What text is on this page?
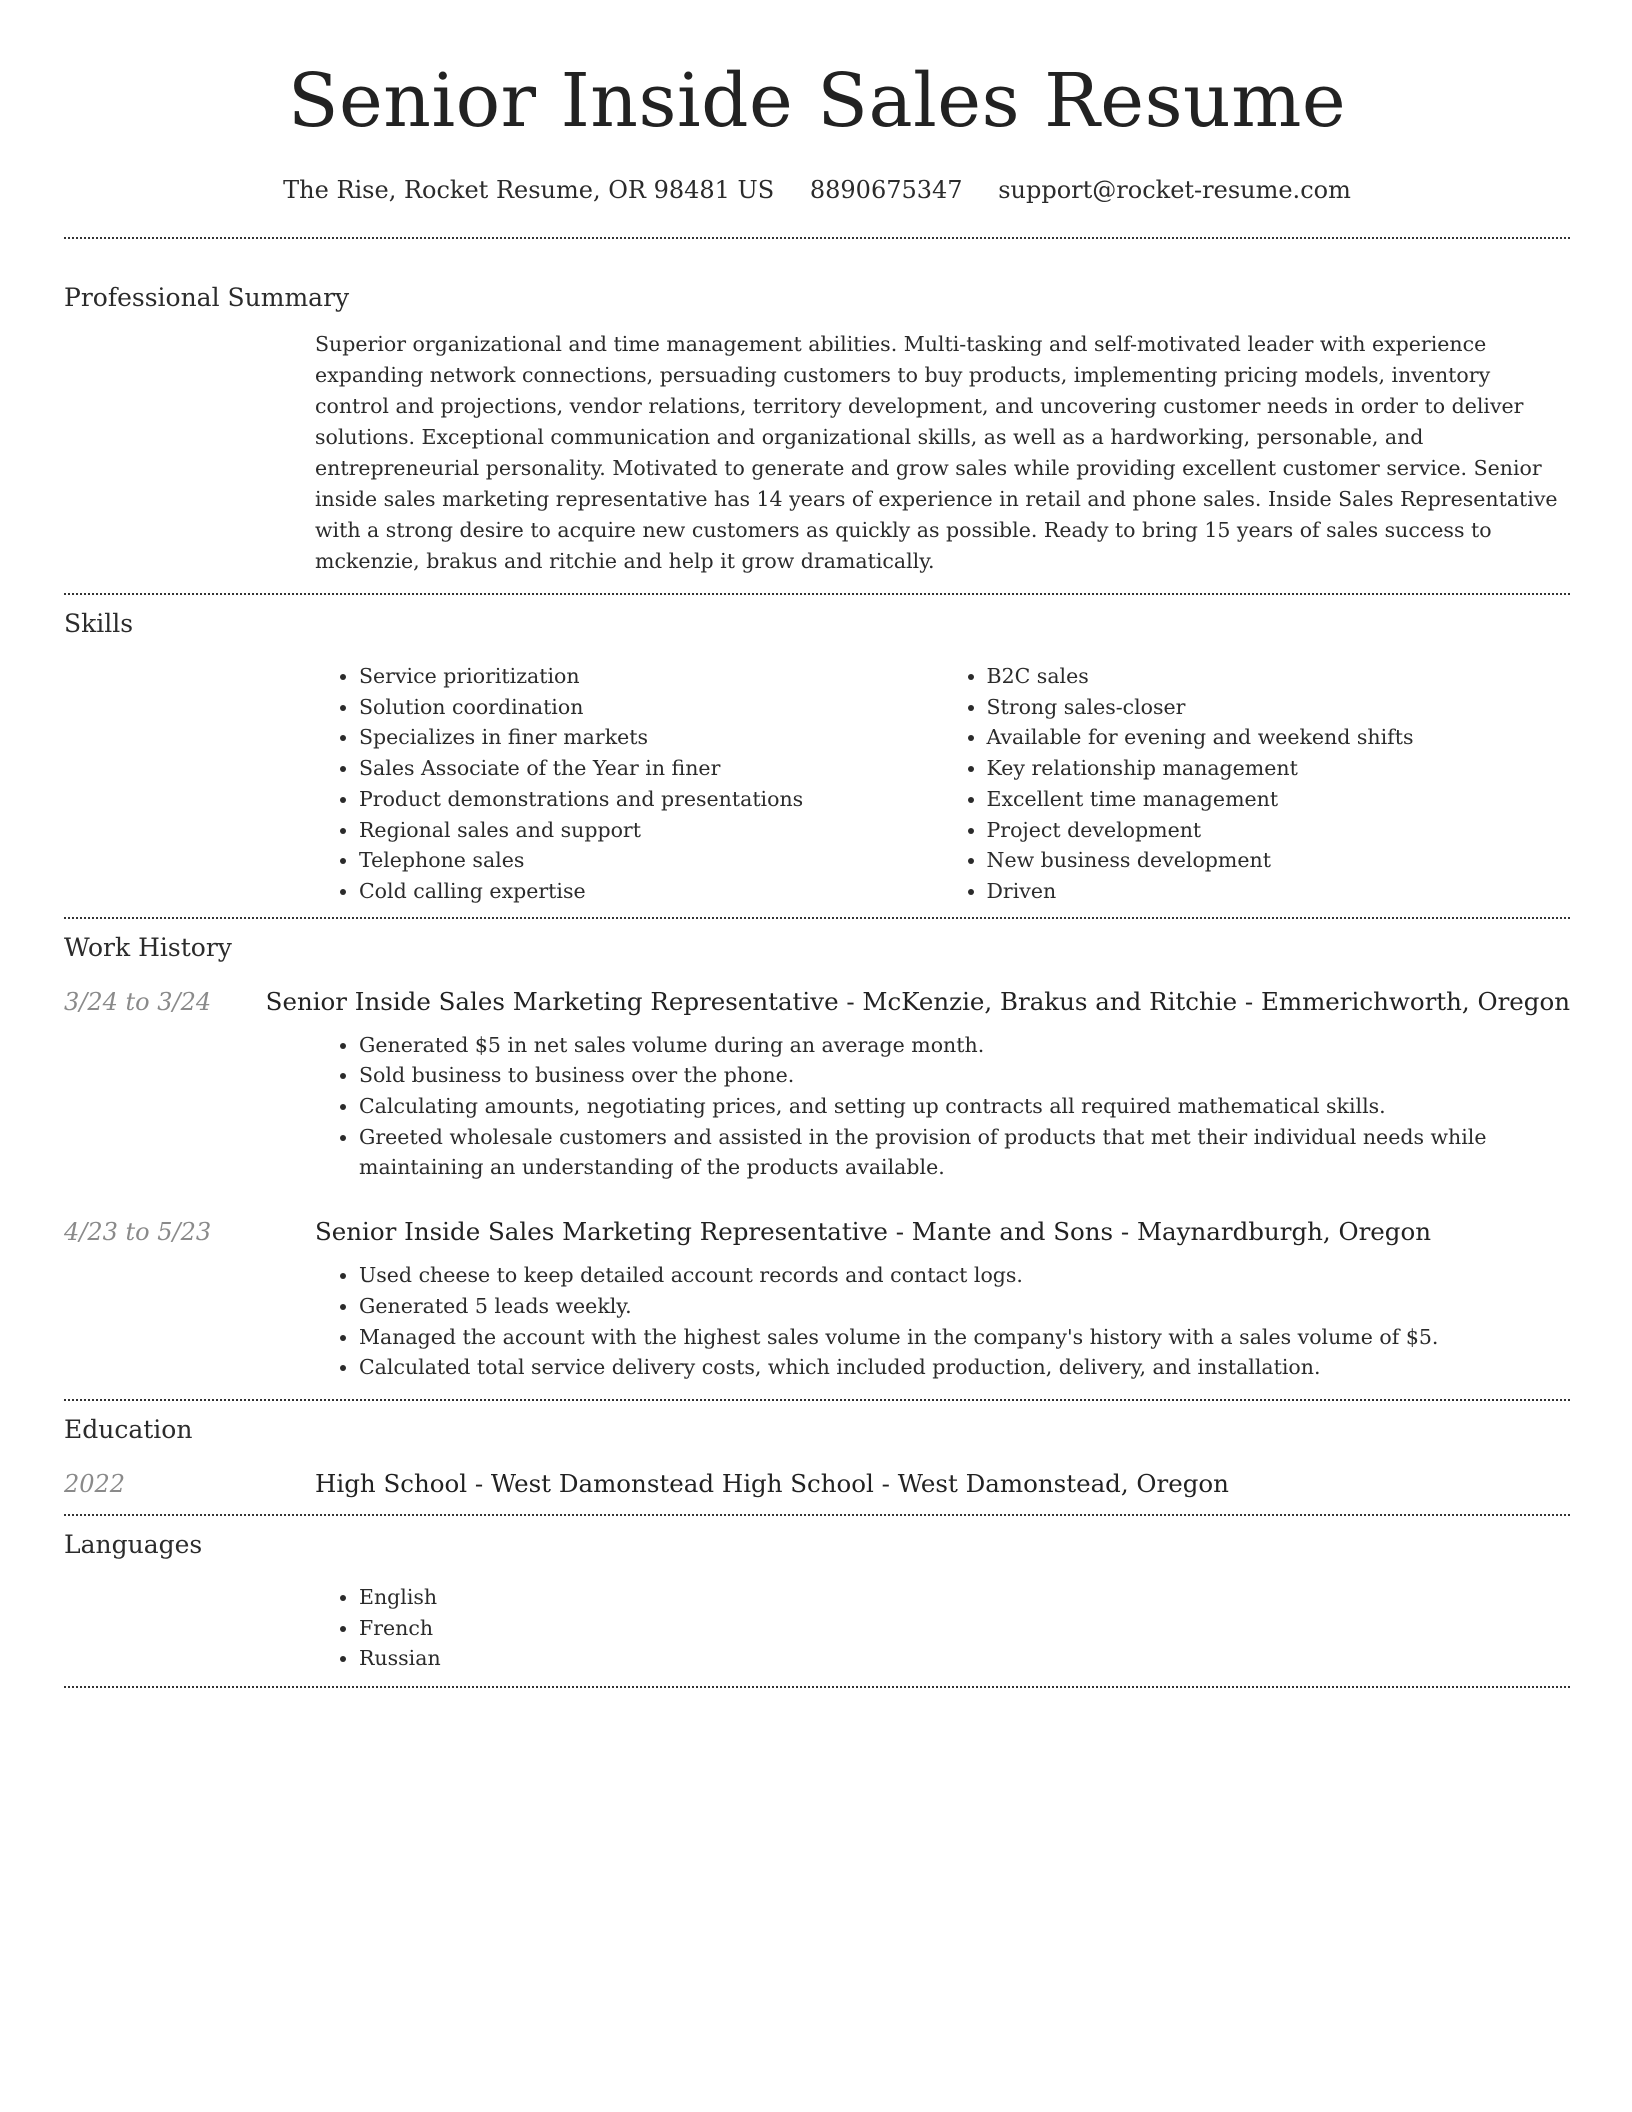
Senior Inside Sales Resume
The Rise, Rocket Resume, OR 98481 US 8890675347 support@rocket-resume.com
Professional Summary

Superior organizational and time management abilities. Multi-tasking and self-motivated leader with experience expanding network connections, persuading customers to buy products, implementing pricing models, inventory control and projections, vendor relations, territory development, and uncovering customer needs in order to deliver solutions. Exceptional communication and organizational skills, as well as a hardworking, personable, and entrepreneurial personality. Motivated to generate and grow sales while providing excellent customer service. Senior inside sales marketing representative has 14 years of experience in retail and phone sales. Inside Sales Representative with a strong desire to acquire new customers as quickly as possible. Ready to bring 15 years of sales success to mckenzie, brakus and ritchie and help it grow dramatically.

Skills
• Service prioritization
• Solution coordination
• Specializes in finer markets
• Sales Associate of the Year in finer
• Product demonstrations and presentations
• Regional sales and support
• Telephone sales
• Cold calling expertise
• B2C sales
• Strong sales-closer
• Available for evening and weekend shifts
• Key relationship management
• Excellent time management
• Project development
• New business development
• Driven
Work History
3/24 to 3/24	Senior Inside Sales Marketing Representative - McKenzie, Brakus and Ritchie - Emmerichworth, Oregon
• Generated $5 in net sales volume during an average month.
• Sold business to business over the phone.
• Calculating amounts, negotiating prices, and setting up contracts all required mathematical skills.
• Greeted wholesale customers and assisted in the provision of products that met their individual needs while maintaining an understanding of the products available.
4/23 to 5/23	Senior Inside Sales Marketing Representative - Mante and Sons - Maynardburgh, Oregon
• Used cheese to keep detailed account records and contact logs.
• Generated 5 leads weekly.
• Managed the account with the highest sales volume in the company's history with a sales volume of $5.
• Calculated total service delivery costs, which included production, delivery, and installation.
Education
2022	High School - West Damonstead High School - West Damonstead, Oregon
Languages
• English
• French
• Russian
